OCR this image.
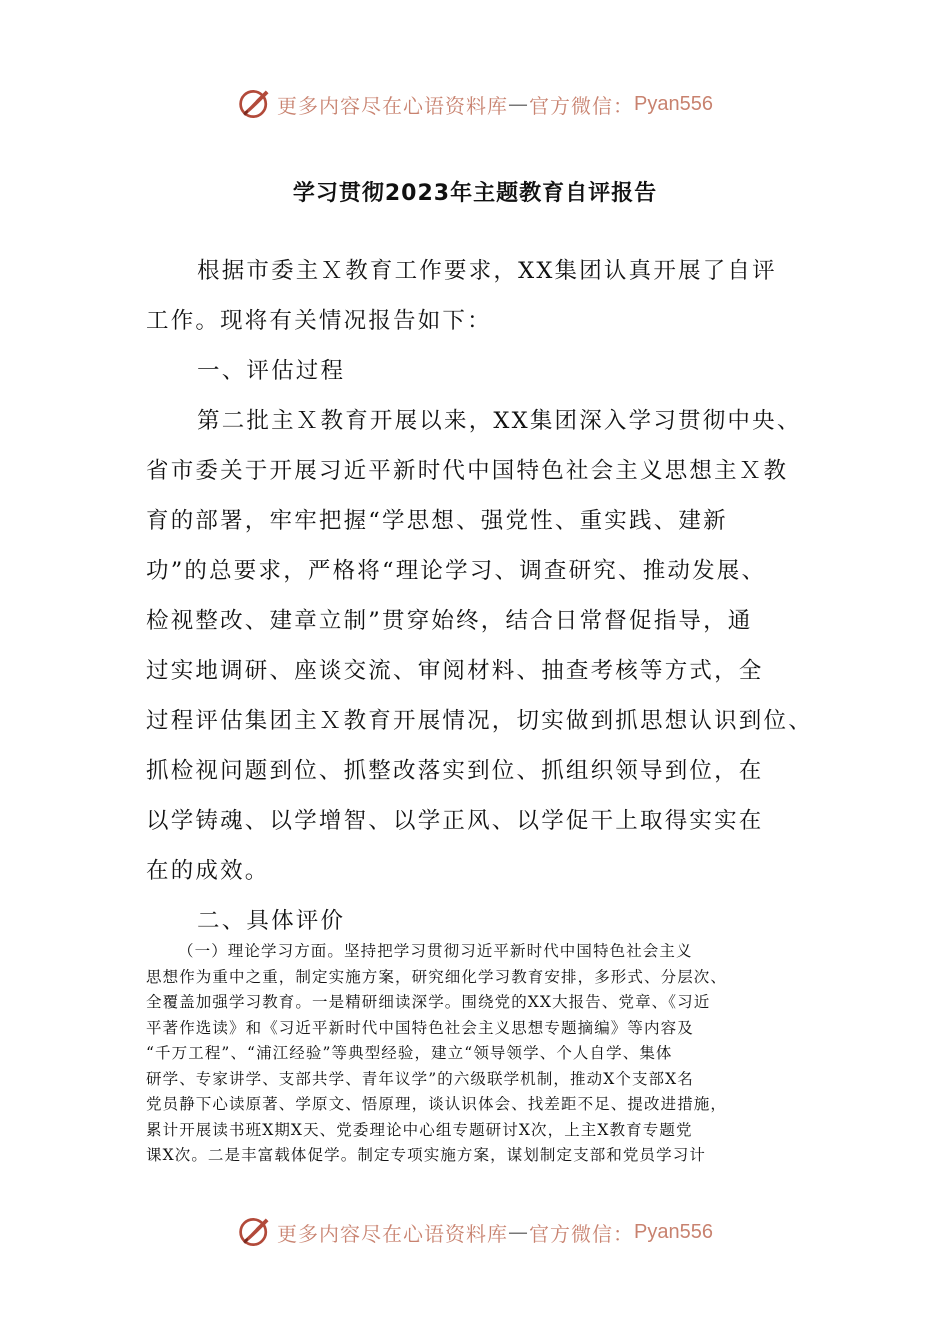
更多内容尽在心语资料库 — 官方微信： Pyan556
学习贯彻2023年主题教育自评报告
根据市委主Ｘ教育工作要求，XX集团认真开展了自评
工作。现将有关情况报告如下：
一、评估过程
第二批主Ｘ教育开展以来，XX集团深入学习贯彻中央、
省市委关于开展习近平新时代中国特色社会主义思想主Ｘ教
育的部署，牢牢把握“学思想、强党性、重实践、建新
功”的总要求，严格将“理论学习、调查研究、推动发展、
检视整改、建章立制”贯穿始终，结合日常督促指导，通
过实地调研、座谈交流、审阅材料、抽查考核等方式，全
过程评估集团主Ｘ教育开展情况，切实做到抓思想认识到位、
抓检视问题到位、抓整改落实到位、抓组织领导到位，在
以学铸魂、以学增智、以学正风、以学促干上取得实实在
在的成效。
二、具体评价
（一）理论学习方面。坚持把学习贯彻习近平新时代中国特色社会主义
思想作为重中之重，制定实施方案，研究细化学习教育安排，多形式、分层次、
全覆盖加强学习教育。一是精研细读深学。围绕党的XX大报告、党章、《习近
平著作选读》和《习近平新时代中国特色社会主义思想专题摘编》等内容及
“千万工程”、“浦江经验”等典型经验，建立“领导领学、个人自学、集体
研学、专家讲学、支部共学、青年议学”的六级联学机制，推动X个支部X名
党员静下心读原著、学原文、悟原理，谈认识体会、找差距不足、提改进措施，
累计开展读书班X期X天、党委理论中心组专题研讨X次，上主X教育专题党
课X次。二是丰富载体促学。制定专项实施方案，谋划制定支部和党员学习计
更多内容尽在心语资料库 — 官方微信： Pyan556
